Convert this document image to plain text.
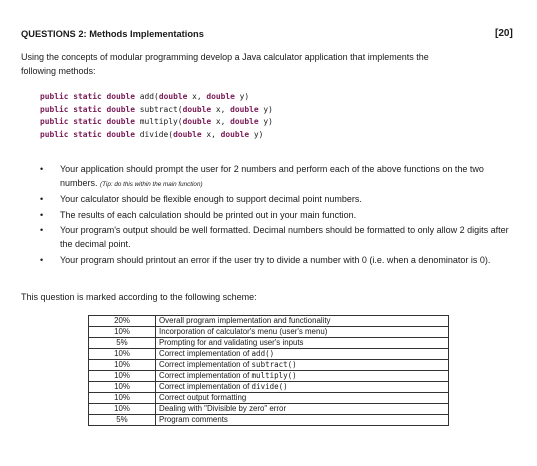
QUESTIONS 2: Methods Implementations	[20]
Using the concepts of modular programming develop a Java calculator application that implements the
following methods:
public static double add(double x, double y)
public static double subtract(double x, double y)
public static double multiply(double x, double y)
public static double divide(double x, double y)
• Your application should prompt the user for 2 numbers and perform each of the above functions on the two numbers. (Tip: do this within the main function)
• Your calculator should be flexible enough to support decimal point numbers.
• The results of each calculation should be printed out in your main function.
• Your program's output should be well formatted. Decimal numbers should be formatted to only allow 2 digits after the decimal point.
• Your program should printout an error if the user try to divide a number with 0 (i.e. when a denominator is 0).
This question is marked according to the following scheme:
20%	Overall program implementation and functionality
10%	Incorporation of calculator's menu (user's menu)
5%	Prompting for and validating user's inputs
10%	Correct implementation of add()
10%	Correct implementation of subtract()
10%	Correct implementation of multiply()
10%	Correct implementation of divide()
10%	Correct output formatting
10%	Dealing with "Divisible by zero" error
5%	Program comments
